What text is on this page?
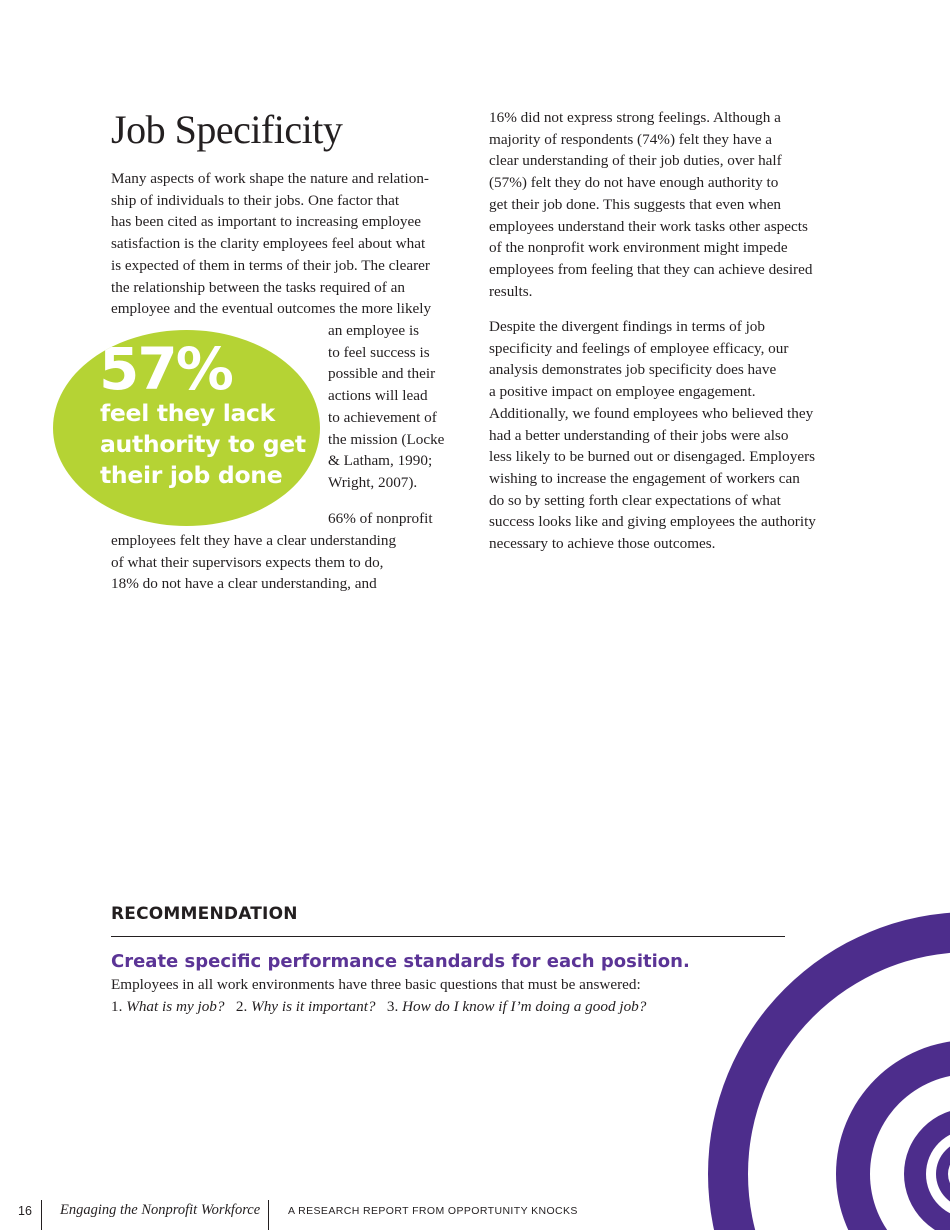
Job Specificity
Many aspects of work shape the nature and relation-
ship of individuals to their jobs. One factor that
has been cited as important to increasing employee
satisfaction is the clarity employees feel about what
is expected of them in terms of their job. The clearer
the relationship between the tasks required of an
employee and the eventual outcomes the more likely
an employee is
to feel success is
possible and their
actions will lead
to achievement of
the mission (Locke
& Latham, 1990;
Wright, 2007).
66% of nonprofit
employees felt they have a clear understanding
of what their supervisors expects them to do,
18% do not have a clear understanding, and
57%
feel they lack
authority to get
their job done
16% did not express strong feelings. Although a
majority of respondents (74%) felt they have a
clear understanding of their job duties, over half
(57%) felt they do not have enough authority to
get their job done. This suggests that even when
employees understand their work tasks other aspects
of the nonprofit work environment might impede
employees from feeling that they can achieve desired
results.
Despite the divergent findings in terms of job
specificity and feelings of employee efficacy, our
analysis demonstrates job specificity does have
a positive impact on employee engagement.
Additionally, we found employees who believed they
had a better understanding of their jobs were also
less likely to be burned out or disengaged. Employers
wishing to increase the engagement of workers can
do so by setting forth clear expectations of what
success looks like and giving employees the authority
necessary to achieve those outcomes.
RECOMMENDATION
Create specific performance standards for each position.
Employees in all work environments have three basic questions that must be answered:
1. What is my job? 2. Why is it important? 3. How do I know if I’m doing a good job?
16 Engaging the Nonprofit Workforce	A RESEARCH REPORT FROM OPPORTUNITY KNOCKS
